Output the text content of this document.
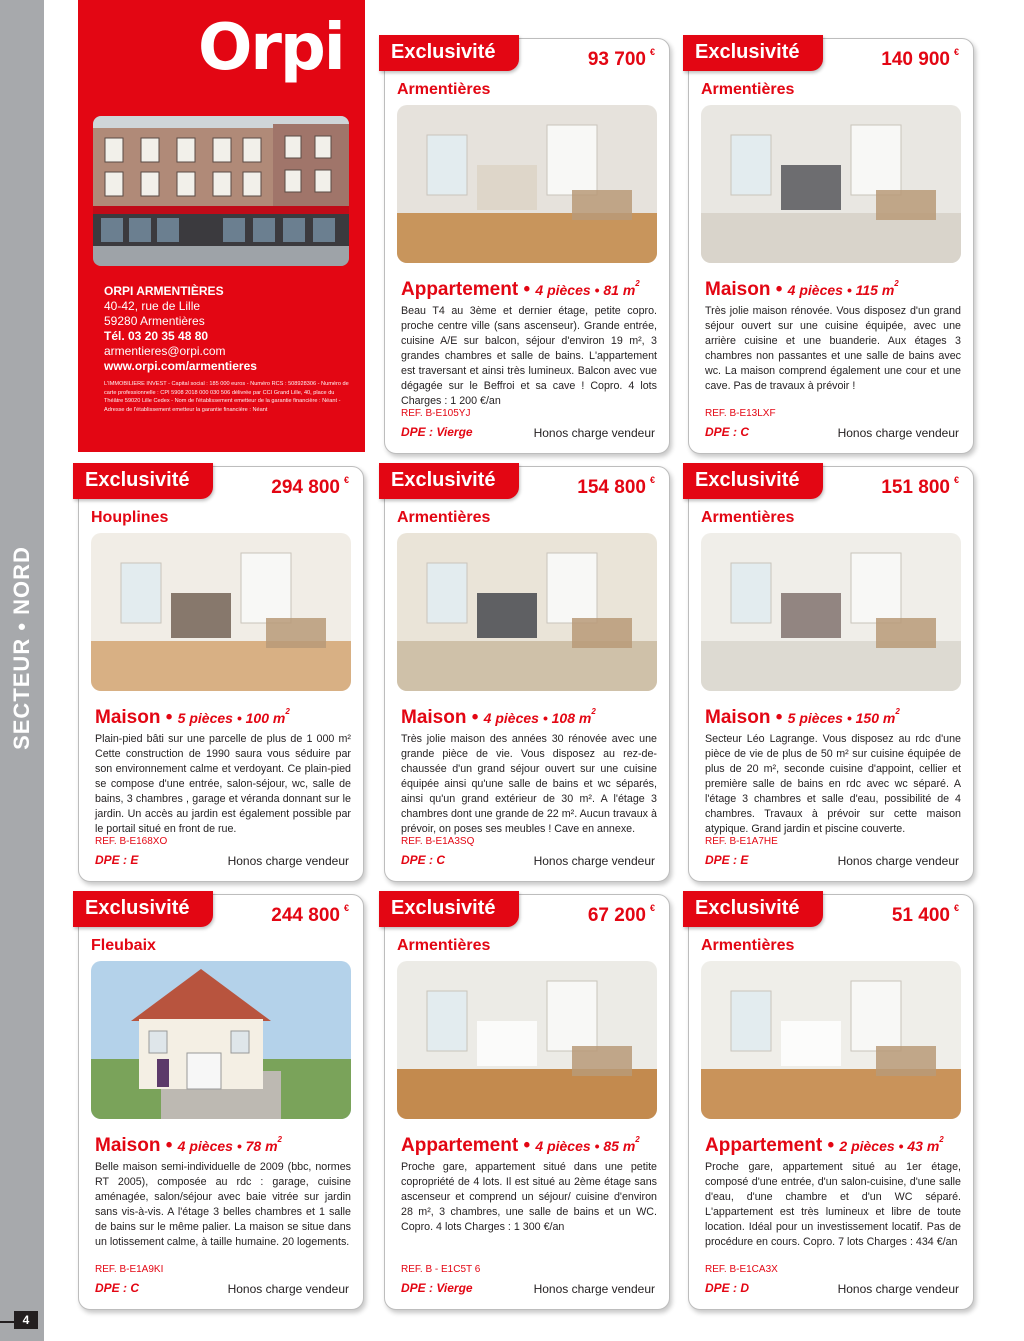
SECTEUR • NORD
4
Orpi
ORPI ARMENTIÈRES
40-42, rue de Lille
59280 Armentières
Tél. 03 20 35 48 80
armentieres@orpi.com
www.orpi.com/armentieres
L'IMMOBILIERE INVEST - Capital social : 185 000 euros - Numéro RCS : 508928306 - Numéro de carte professionnelle : CPI 5908 2018 000 030 506 délivrée par CCI Grand Lille, 40, place du Théâtre 59020 Lille Cedex - Nom de l'établissement emetteur de la garantie financière : Néant - Adresse de l'établissement emetteur la garantie financière : Néant
Exclusivité	93 700 €
Armentières
Appartement • 4 pièces • 81 $m^2$
Beau T4 au 3ème et dernier étage, petite copro. proche centre ville (sans ascenseur). Grande entrée, cuisine A/E sur balcon, séjour d'environ 19 m², 3 grandes chambres et salle de bains. L'appartement est traversant et ainsi très lumineux. Balcon avec vue dégagée sur le Beffroi et sa cave ! Copro. 4 lots Charges : 1 200 €/an
REF. B-E105YJ
DPE : Vierge	Honos charge vendeur
Exclusivité	140 900 €
Armentières
Maison • 4 pièces • 115 $m^2$
Très jolie maison rénovée. Vous disposez d'un grand séjour ouvert sur une cuisine équipée, avec une arrière cuisine et une buanderie. Aux étages 3 chambres non passantes et une salle de bains avec wc. La maison comprend également une cour et une cave. Pas de travaux à prévoir !
REF. B-E13LXF
DPE : C	Honos charge vendeur
Exclusivité	294 800 €
Houplines
Maison • 5 pièces • 100 $m^2$
Plain-pied bâti sur une parcelle de plus de 1 000 m² Cette construction de 1990 saura vous séduire par son environnement calme et verdoyant. Ce plain-pied se compose d'une entrée, salon-séjour, wc, salle de bains, 3 chambres , garage et véranda donnant sur le jardin. Un accès au jardin est également possible par le portail situé en front de rue.
REF. B-E168XO
DPE : E	Honos charge vendeur
Exclusivité	154 800 €
Armentières
Maison • 4 pièces • 108 $m^2$
Très jolie maison des années 30 rénovée avec une grande pièce de vie. Vous disposez au rez-de-chaussée d'un grand séjour ouvert sur une cuisine équipée ainsi qu'une salle de bains et wc séparés, ainsi qu'un grand extérieur de 30 m². A l'étage 3 chambres dont une grande de 22 m². Aucun travaux à prévoir, on poses ses meubles ! Cave en annexe.
REF. B-E1A3SQ
DPE : C	Honos charge vendeur
Exclusivité	151 800 €
Armentières
Maison • 5 pièces • 150 $m^2$
Secteur Léo Lagrange. Vous disposez au rdc d'une pièce de vie de plus de 50 m² sur cuisine équipée de plus de 20 m², seconde cuisine d'appoint, cellier et première salle de bains en rdc avec wc séparé. A l'étage 3 chambres et salle d'eau, possibilité de 4 chambres. Travaux à prévoir sur cette maison atypique. Grand jardin et piscine couverte.
REF. B-E1A7HE
DPE : E	Honos charge vendeur
Exclusivité	244 800 €
Fleubaix
Maison • 4 pièces • 78 $m^2$
Belle maison semi-individuelle de 2009 (bbc, normes RT 2005), composée au rdc : garage, cuisine aménagée, salon/séjour avec baie vitrée sur jardin sans vis-à-vis. A l'étage 3 belles chambres et 1 salle de bains sur le même palier. La maison se situe dans un lotissement calme, à taille humaine. 20 logements.
REF. B-E1A9KI
DPE : C	Honos charge vendeur
Exclusivité	67 200 €
Armentières
Appartement • 4 pièces • 85 $m^2$
Proche gare, appartement situé dans une petite copropriété de 4 lots. Il est situé au 2ème étage sans ascenseur et comprend un séjour/ cuisine d'environ 28 m², 3 chambres, une salle de bains et un WC. Copro. 4 lots Charges : 1 300 €/an
REF. B - E1C5T 6
DPE : Vierge	Honos charge vendeur
Exclusivité	51 400 €
Armentières
Appartement • 2 pièces • 43 $m^2$
Proche gare, appartement situé au 1er étage, composé d'une entrée, d'un salon-cuisine, d'une salle d'eau, d'une chambre et d'un WC séparé. L'appartement est très lumineux et libre de toute location. Idéal pour un investissement locatif. Pas de procédure en cours. Copro. 7 lots Charges : 434 €/an
REF. B-E1CA3X
DPE : D	Honos charge vendeur
